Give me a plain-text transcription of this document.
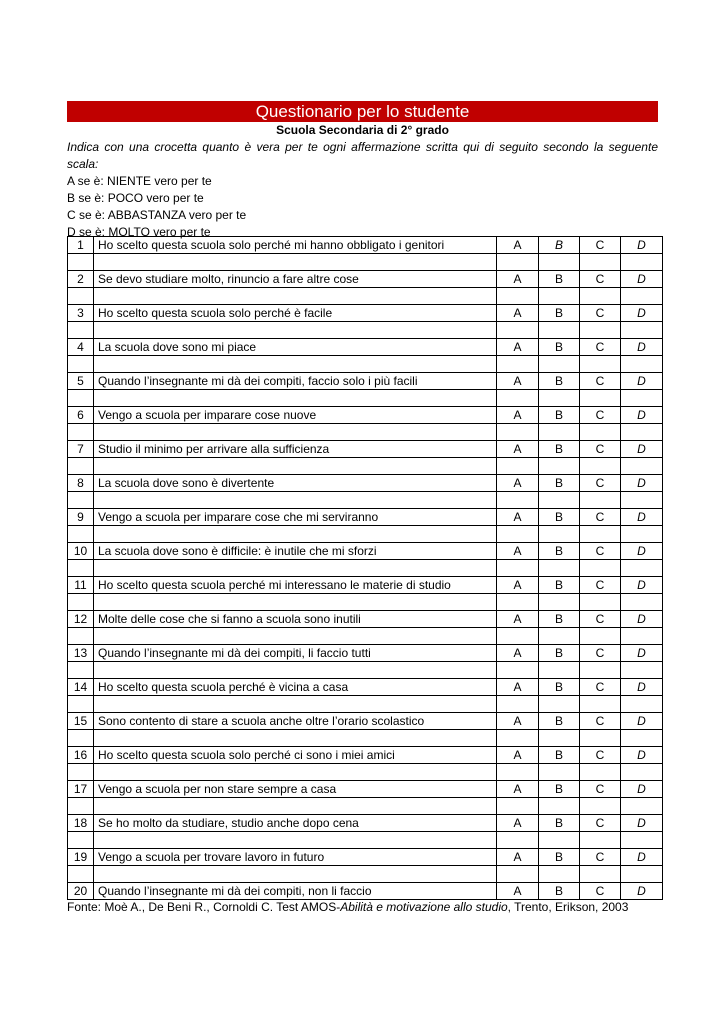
Questionario per lo studente
Scuola Secondaria di 2° grado
Indica con una crocetta quanto è vera per te ogni affermazione scritta qui di seguito secondo la seguente scala:
A se è: NIENTE vero per te
B se è: POCO vero per te
C se è: ABBASTANZA vero per te
D se è: MOLTO vero per te
1	Ho scelto questa scuola solo perché mi hanno obbligato i genitori	A	B	C	D

2	Se devo studiare molto, rinuncio a fare altre cose	A	B	C	D

3	Ho scelto questa scuola solo perché è facile	A	B	C	D

4	La scuola dove sono mi piace	A	B	C	D

5	Quando l’insegnante mi dà dei compiti, faccio solo i più facili	A	B	C	D

6	Vengo a scuola per imparare cose nuove	A	B	C	D

7	Studio il minimo per arrivare alla sufficienza	A	B	C	D

8	La scuola dove sono è divertente	A	B	C	D

9	Vengo a scuola per imparare cose che mi serviranno	A	B	C	D

10	La scuola dove sono è difficile: è inutile che mi sforzi	A	B	C	D

11	Ho scelto questa scuola perché mi interessano le materie di studio	A	B	C	D

12	Molte delle cose che si fanno a scuola sono inutili	A	B	C	D

13	Quando l’insegnante mi dà dei compiti, li faccio tutti	A	B	C	D

14	Ho scelto questa scuola perché è vicina a casa	A	B	C	D

15	Sono contento di stare a scuola anche oltre l’orario scolastico	A	B	C	D

16	Ho scelto questa scuola solo perché ci sono i miei amici	A	B	C	D

17	Vengo a scuola per non stare sempre a casa	A	B	C	D

18	Se ho molto da studiare, studio anche dopo cena	A	B	C	D

19	Vengo a scuola per trovare lavoro in futuro	A	B	C	D

20	Quando l’insegnante mi dà dei compiti, non li faccio	A	B	C	D
Fonte: Moè A., De Beni R., Cornoldi C. Test AMOS-Abilità e motivazione allo studio, Trento, Erikson, 2003
